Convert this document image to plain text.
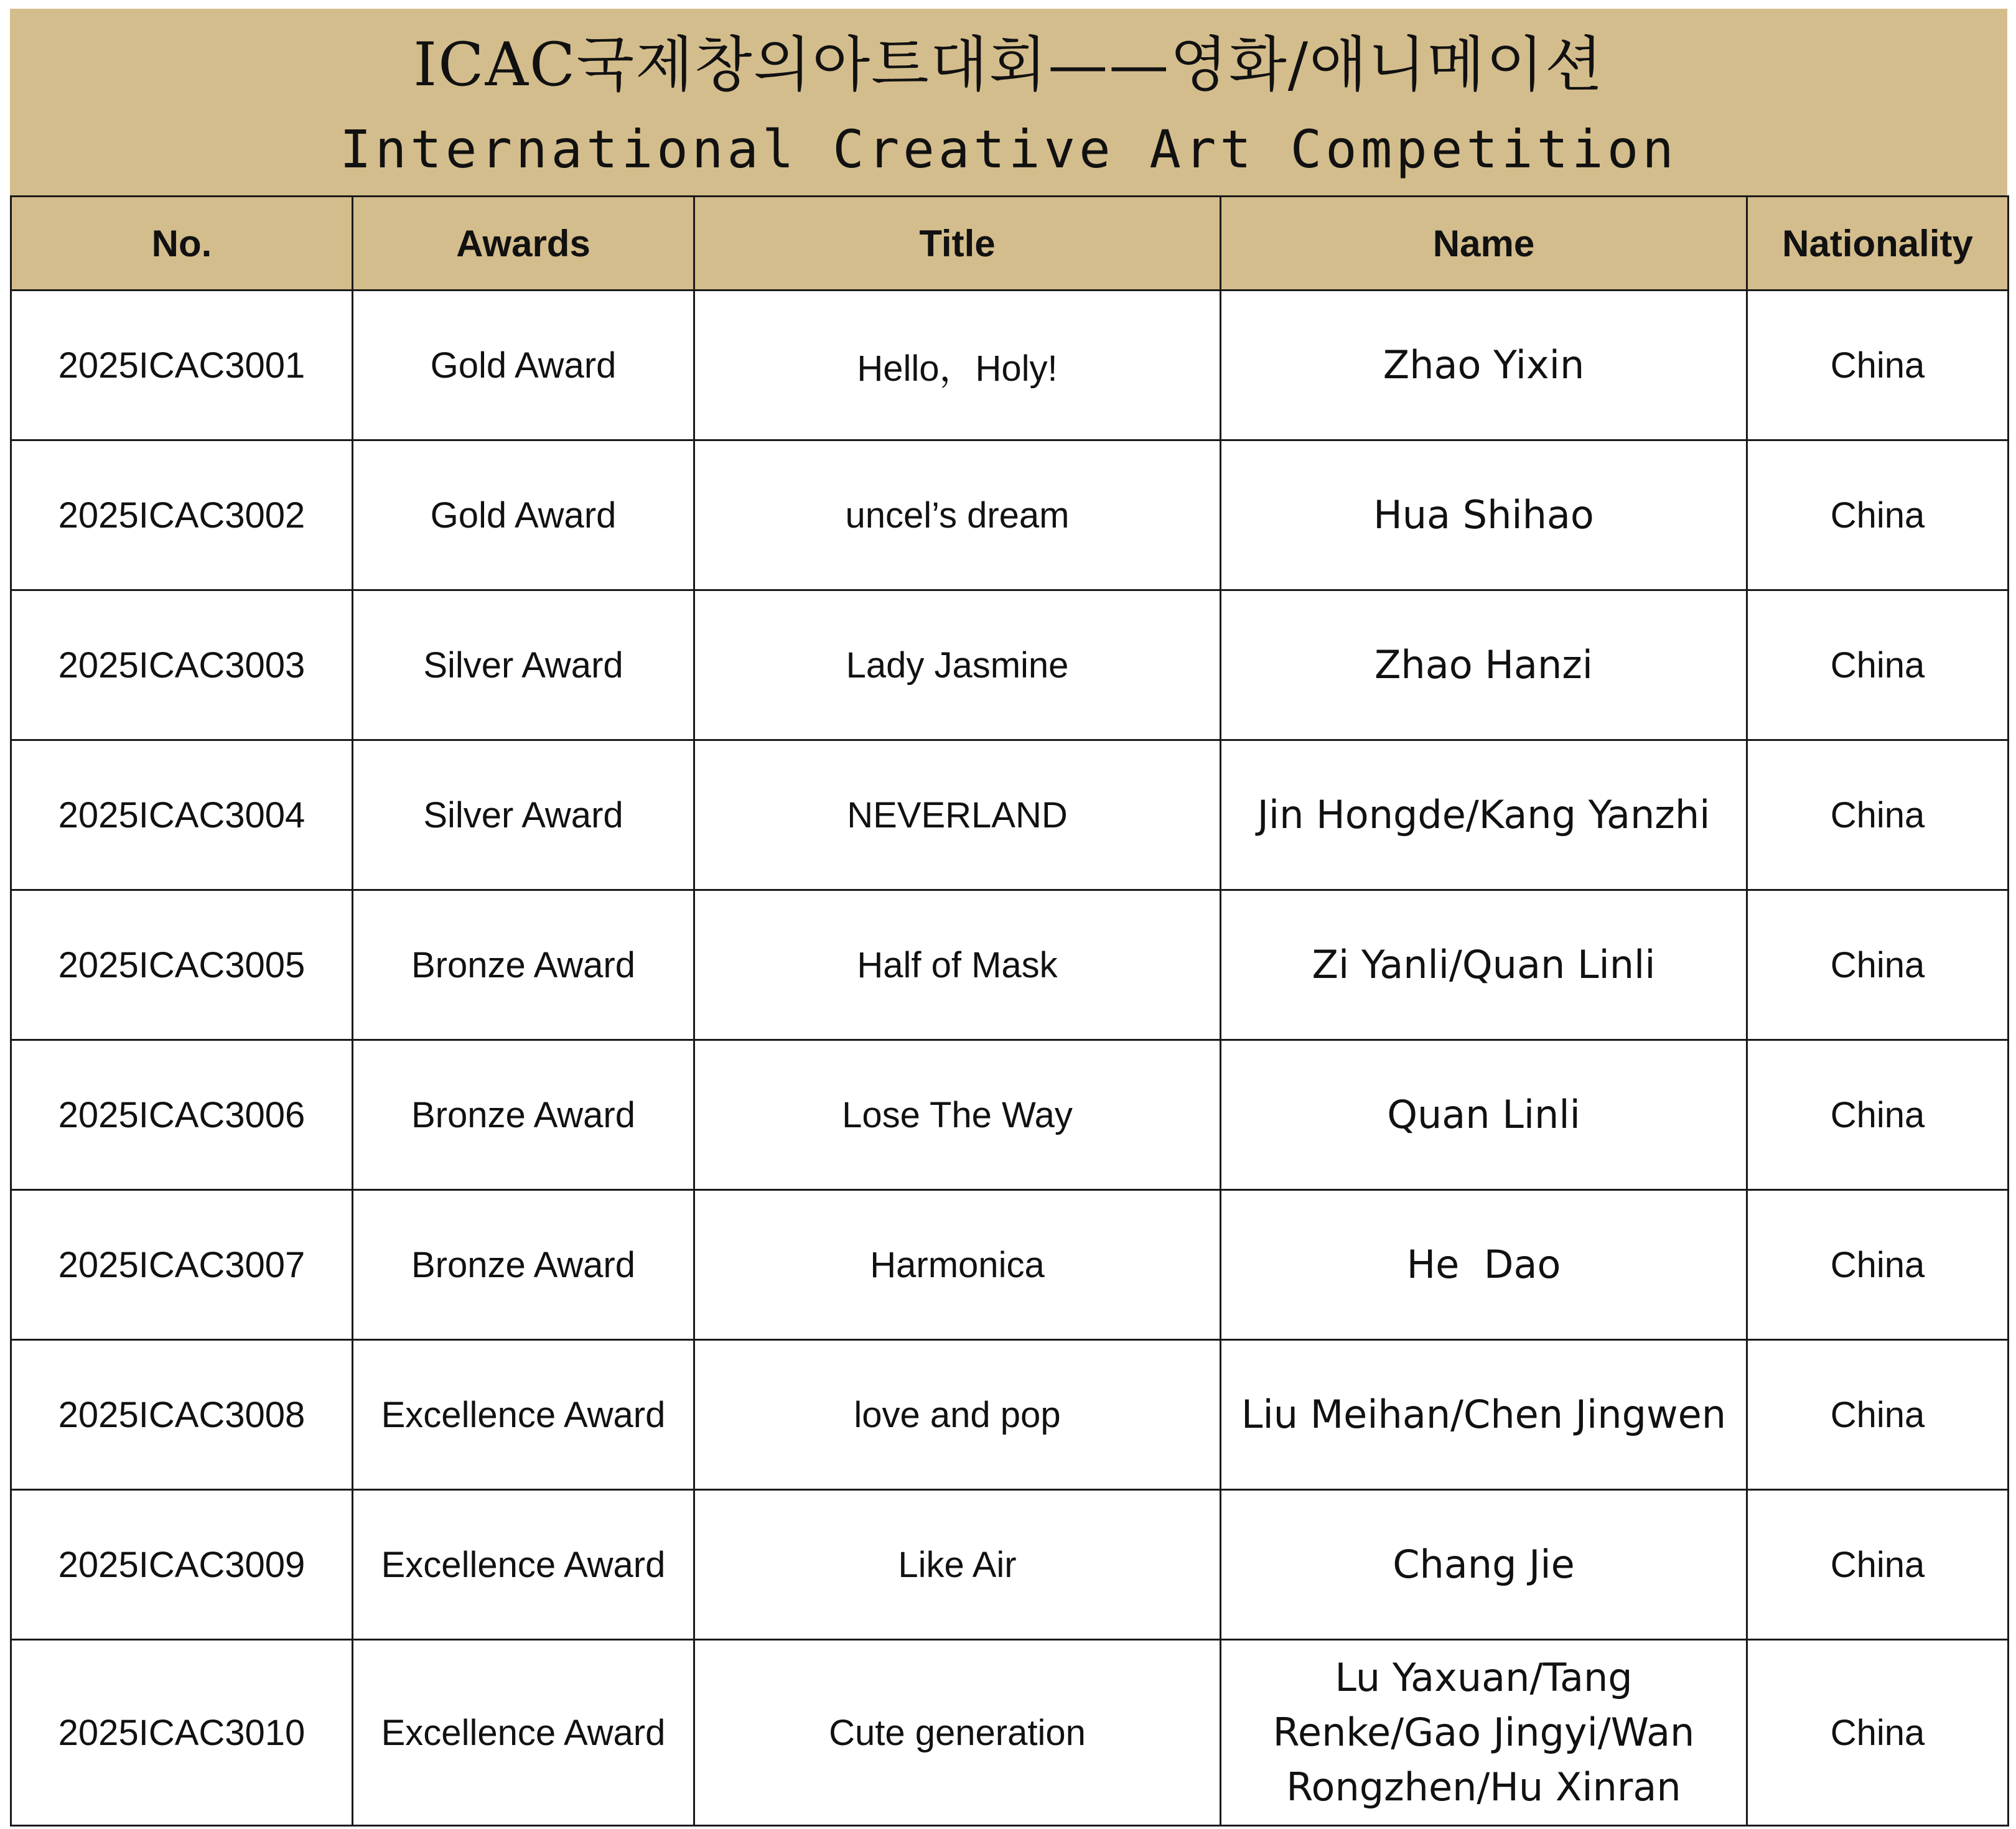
ICAC국제창의아트대회——영화/애니메이션
International Creative Art Competition
No.	Awards	Title	Name	Nationality
2025ICAC3001	Gold Award	Hello，Holy!	Zhao Yixin	China
2025ICAC3002	Gold Award	uncel’s dream	Hua Shihao	China
2025ICAC3003	Silver Award	Lady Jasmine	Zhao Hanzi	China
2025ICAC3004	Silver Award	NEVERLAND	Jin Hongde/Kang Yanzhi	China
2025ICAC3005	Bronze Award	Half of Mask	Zi Yanli/Quan Linli	China
2025ICAC3006	Bronze Award	Lose The Way	Quan Linli	China
2025ICAC3007	Bronze Award	Harmonica	He  Dao	China
2025ICAC3008	Excellence Award	love and pop	Liu Meihan/Chen Jingwen	China
2025ICAC3009	Excellence Award	Like Air	Chang Jie	China
2025ICAC3010	Excellence Award	Cute generation	Lu Yaxuan/Tang Renke/Gao Jingyi/Wan Rongzhen/Hu Xinran	China
